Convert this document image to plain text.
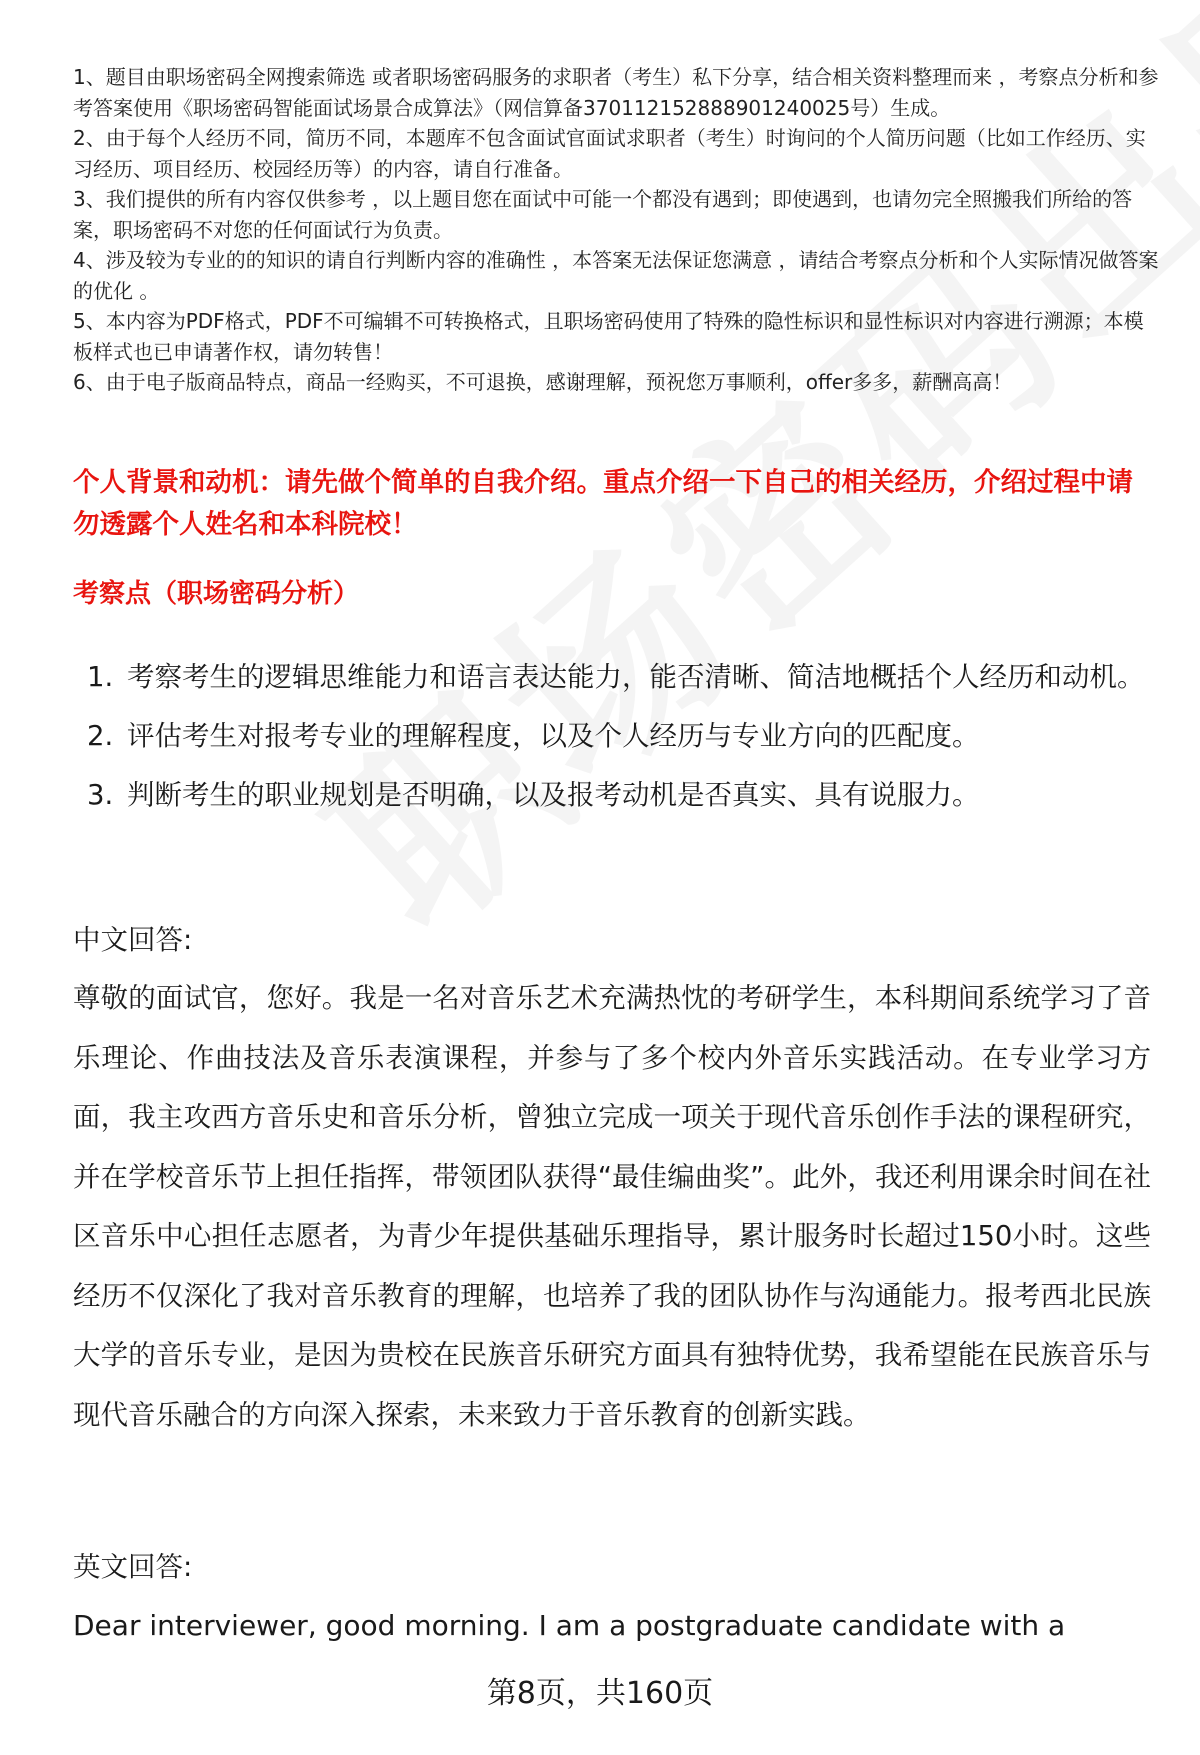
1、题目由职场密码全网搜索筛选 或者职场密码服务的求职者（考生）私下分享，结合相关资料整理而来 ，考察点分析和参考答案使用《职场密码智能面试场景合成算法》（网信算备370112152888901240025号）生成。

2、由于每个人经历不同，简历不同，本题库不包含面试官面试求职者（考生）时询问的个人简历问题（比如工作经历、实习经历、项目经历、校园经历等）的内容，请自行准备。

3、我们提供的所有内容仅供参考 ，以上题目您在面试中可能一个都没有遇到；即使遇到，也请勿完全照搬我们所给的答案，职场密码不对您的任何面试行为负责。

4、涉及较为专业的的知识的请自行判断内容的准确性 ，本答案无法保证您满意 ，请结合考察点分析和个人实际情况做答案的优化 。

5、本内容为PDF格式，PDF不可编辑不可转换格式，且职场密码使用了特殊的隐性标识和显性标识对内容进行溯源；本模板样式也已申请著作权，请勿转售！

6、由于电子版商品特点，商品一经购买，不可退换，感谢理解，预祝您万事顺利，offer多多，薪酬高高！

个人背景和动机：请先做个简单的自我介绍。重点介绍一下自己的相关经历，介绍过程中请勿透露个人姓名和本科院校！
考察点（职场密码分析）
1. 考察考生的逻辑思维能力和语言表达能力，能否清晰、简洁地概括个人经历和动机。
2. 评估考生对报考专业的理解程度，以及个人经历与专业方向的匹配度。
3. 判断考生的职业规划是否明确，以及报考动机是否真实、具有说服力。
中文回答:
尊敬的面试官，您好。我是一名对音乐艺术充满热忱的考研学生，本科期间系统学习了音乐理论、作曲技法及音乐表演课程，并参与了多个校内外音乐实践活动。在专业学习方面，我主攻西方音乐史和音乐分析，曾独立完成一项关于现代音乐创作手法的课程研究，并在学校音乐节上担任指挥，带领团队获得“最佳编曲奖”。此外，我还利用课余时间在社区音乐中心担任志愿者，为青少年提供基础乐理指导，累计服务时长超过150小时。这些经历不仅深化了我对音乐教育的理解，也培养了我的团队协作与沟通能力。报考西北民族大学的音乐专业，是因为贵校在民族音乐研究方面具有独特优势，我希望能在民族音乐与现代音乐融合的方向深入探索，未来致力于音乐教育的创新实践。
英文回答:
Dear interviewer, good morning. I am a postgraduate candidate with a
第8页，共160页
